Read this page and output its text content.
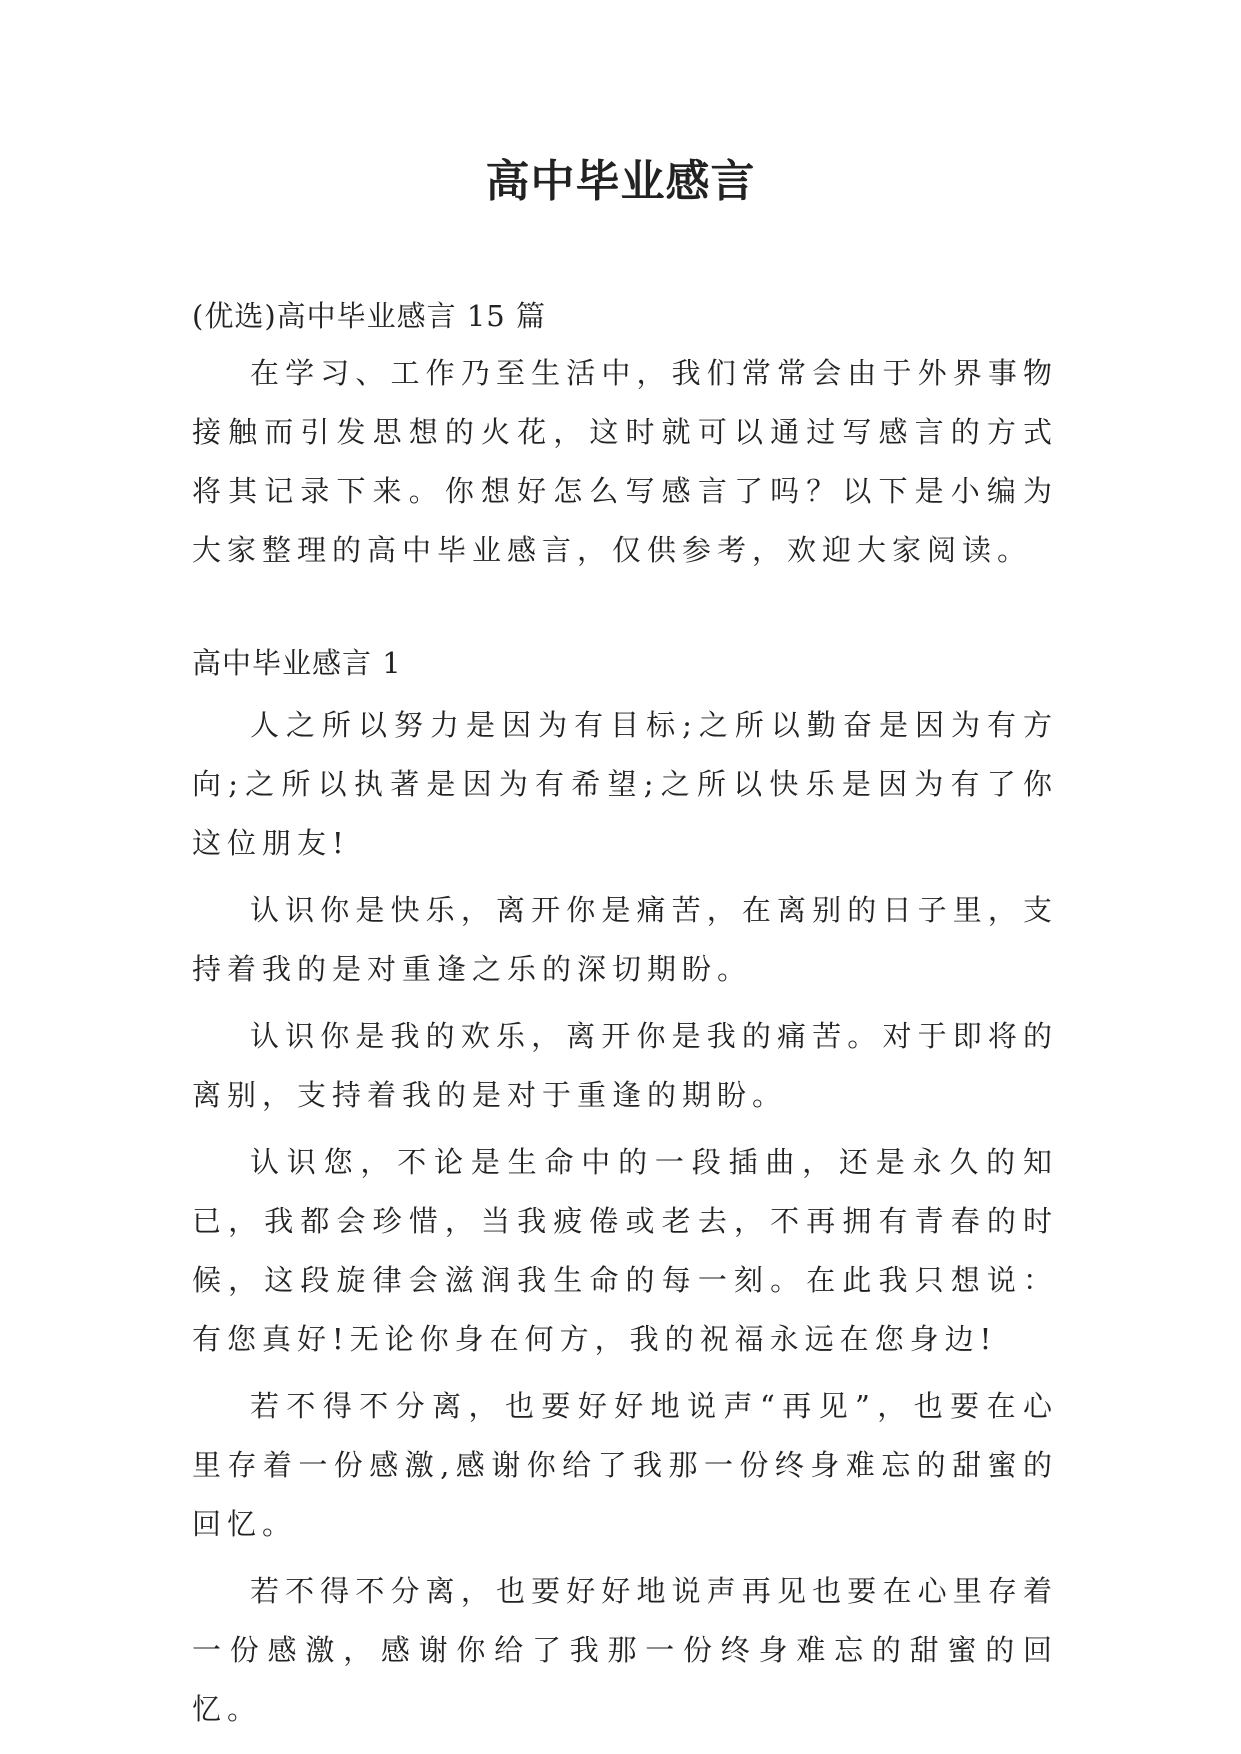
高中毕业感言

(优选)高中毕业感言 15 篇

在学习、工作乃至生活中，我们常常会由于外界事物接触而引发思想的火花，这时就可以通过写感言的方式将其记录下来。你想好怎么写感言了吗？以下是小编为大家整理的高中毕业感言，仅供参考，欢迎大家阅读。

高中毕业感言 1

人之所以努力是因为有目标;之所以勤奋是因为有方向;之所以执著是因为有希望;之所以快乐是因为有了你这位朋友!

认识你是快乐，离开你是痛苦，在离别的日子里，支持着我的是对重逢之乐的深切期盼。

认识你是我的欢乐，离开你是我的痛苦。对于即将的离别，支持着我的是对于重逢的期盼。

认识您，不论是生命中的一段插曲，还是永久的知已，我都会珍惜，当我疲倦或老去，不再拥有青春的时候，这段旋律会滋润我生命的每一刻。在此我只想说：有您真好!无论你身在何方，我的祝福永远在您身边!

若不得不分离，也要好好地说声“再见”，也要在心里存着一份感激,感谢你给了我那一份终身难忘的甜蜜的回忆。

若不得不分离，也要好好地说声再见也要在心里存着一份感激，感谢你给了我那一份终身难忘的甜蜜的回忆。
